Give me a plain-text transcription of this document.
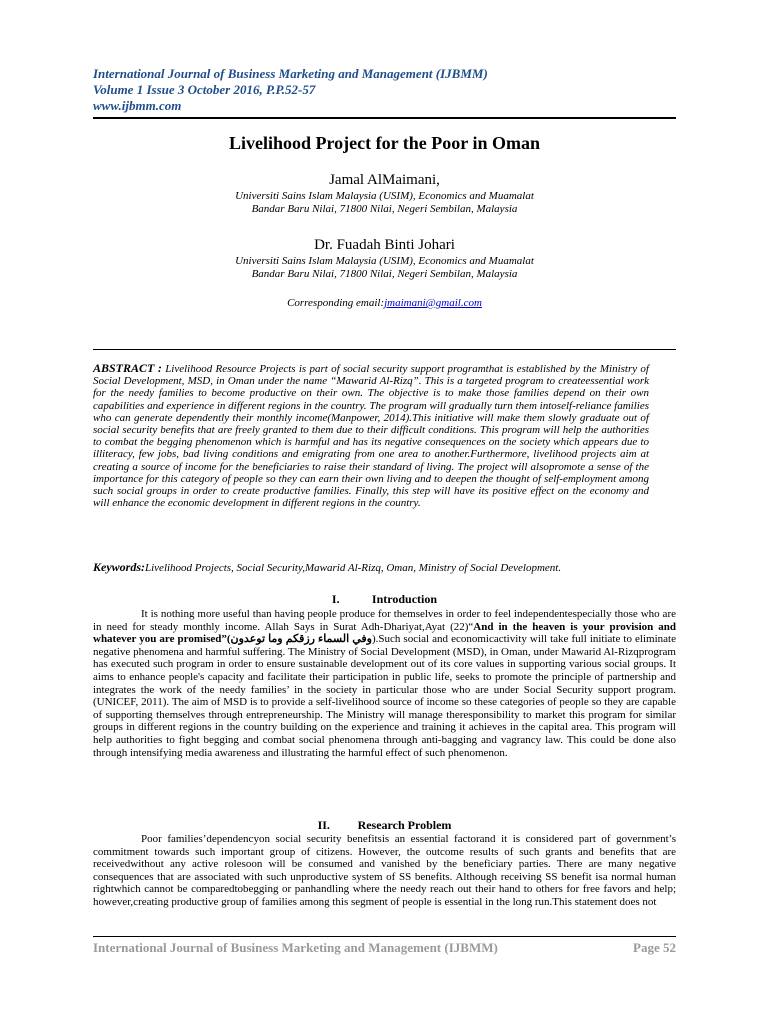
International Journal of Business Marketing and Management (IJBMM)
Volume 1 Issue 3 October 2016, P.P.52-57
www.ijbmm.com
Livelihood Project for the Poor in Oman
Jamal AlMaimani,
Universiti Sains Islam Malaysia (USIM), Economics and Muamalat
Bandar Baru Nilai, 71800 Nilai, Negeri Sembilan, Malaysia
Dr. Fuadah Binti Johari
Universiti Sains Islam Malaysia (USIM), Economics and Muamalat
Bandar Baru Nilai, 71800 Nilai, Negeri Sembilan, Malaysia
Corresponding email:jmaimani@gmail.com
ABSTRACT : Livelihood Resource Projects is part of social security support programthat is established by the Ministry of Social Development, MSD, in Oman under the name “Mawarid Al-Rizq”. This is a targeted program to createessential work for the needy families to become productive on their own. The objective is to make those families depend on their own capabilities and experience in different regions in the country. The program will gradually turn them intoself-reliance families who can generate dependently their monthly income(Manpower, 2014).This initiative will make them slowly graduate out of social security benefits that are freely granted to them due to their difficult conditions. This program will help the authorities to combat the begging phenomenon which is harmful and has its negative consequences on the society which appears due to illiteracy, few jobs, bad living conditions and emigrating from one area to another.Furthermore, livelihood projects aim at creating a source of income for the beneficiaries to raise their standard of living. The project will alsopromote a sense of the importance for this category of people so they can earn their own living and to deepen the thought of self-employment among such social groups in order to create productive families. Finally, this step will have its positive effect on the economy and will enhance the economic development in different regions in the country.
Keywords:Livelihood Projects, Social Security,Mawarid Al-Rizq, Oman, Ministry of Social Development.
I.	Introduction

It is nothing more useful than having people produce for themselves in order to feel independentespecially those who are in need for steady monthly income. Allah Says in Surat Adh-Dhariyat,Ayat (22)“And in the heaven is your provision and whatever you are promised”(وفي السماء رزقكم وما توعدون).Such social and economicactivity will take full initiate to eliminate negative phenomena and harmful suffering. The Ministry of Social Development (MSD), in Oman, under Mawarid Al-Rizqprogram has executed such program in order to ensure sustainable development out of its core values in supporting various social groups. It aims to enhance people's capacity and facilitate their participation in public life, seeks to promote the principle of partnership and integrates the work of the needy families’ in the society in particular those who are under Social Security support program.(UNICEF, 2011). The aim of MSD is to provide a self-livelihood source of income so these categories of people so they are capable of supporting themselves through entrepreneurship. The Ministry will manage theresponsibility to market this program for similar groups in different regions in the country building on the experience and training it achieves in the capital area. This program will help authorities to fight begging and combat social phenomena through anti-bagging and vagrancy law. This could be done also through intensifying media awareness and illustrating the harmful effect of such phenomenon.

II. Research Problem

Poor families’dependencyon social security benefitsis an essential factorand it is considered part of government’s commitment towards such important group of citizens. However, the outcome results of such grants and benefits that are receivedwithout any active rolesoon will be consumed and vanished by the beneficiary parties. There are many negative consequences that are associated with such unproductive system of SS benefits. Although receiving SS benefit isa normal human rightwhich cannot be comparedtobegging or panhandling where the needy reach out their hand to others for free favors and help; however,creating productive group of families among this segment of people is essential in the long run.This statement does not

International Journal of Business Marketing and Management (IJBMM)	Page 52
